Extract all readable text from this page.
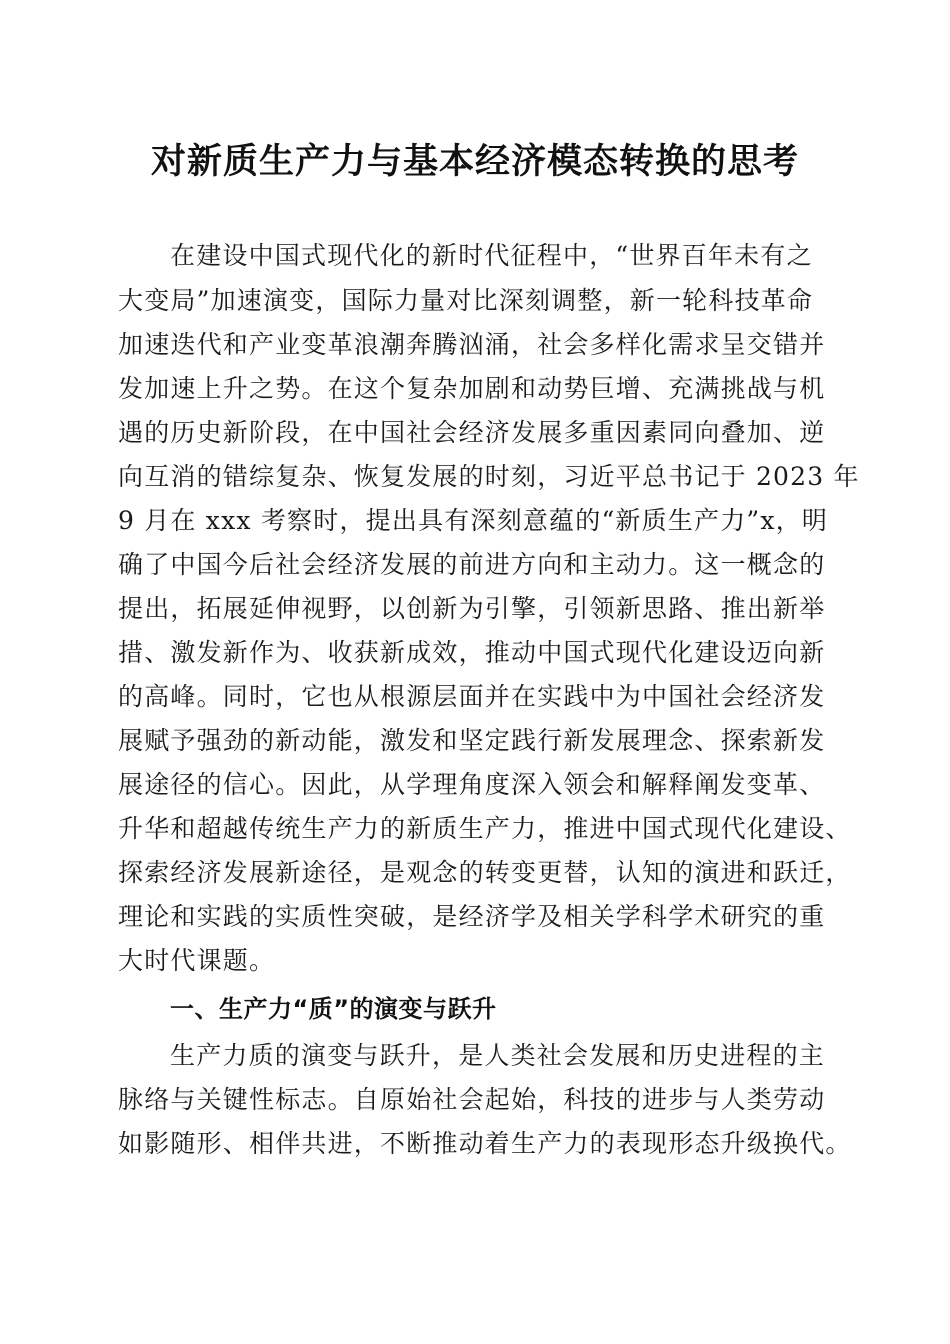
对新质生产力与基本经济模态转换的思考

在建设中国式现代化的新时代征程中，“世界百年未有之

大变局”加速演变，国际力量对比深刻调整，新一轮科技革命

加速迭代和产业变革浪潮奔腾汹涌，社会多样化需求呈交错并

发加速上升之势。在这个复杂加剧和动势巨增、充满挑战与机

遇的历史新阶段，在中国社会经济发展多重因素同向叠加、逆

向互消的错综复杂、恢复发展的时刻，习近平总书记于 2023 年

9 月在 xxx 考察时，提出具有深刻意蕴的“新质生产力”x，明

确了中国今后社会经济发展的前进方向和主动力。这一概念的

提出，拓展延伸视野，以创新为引擎，引领新思路、推出新举

措、激发新作为、收获新成效，推动中国式现代化建设迈向新

的高峰。同时，它也从根源层面并在实践中为中国社会经济发

展赋予强劲的新动能，激发和坚定践行新发展理念、探索新发

展途径的信心。因此，从学理角度深入领会和解释阐发变革、

升华和超越传统生产力的新质生产力，推进中国式现代化建设、

探索经济发展新途径，是观念的转变更替，认知的演进和跃迁，

理论和实践的实质性突破，是经济学及相关学科学术研究的重

大时代课题。

一、生产力“质”的演变与跃升

生产力质的演变与跃升，是人类社会发展和历史进程的主

脉络与关键性标志。自原始社会起始，科技的进步与人类劳动

如影随形、相伴共进，不断推动着生产力的表现形态升级换代。
